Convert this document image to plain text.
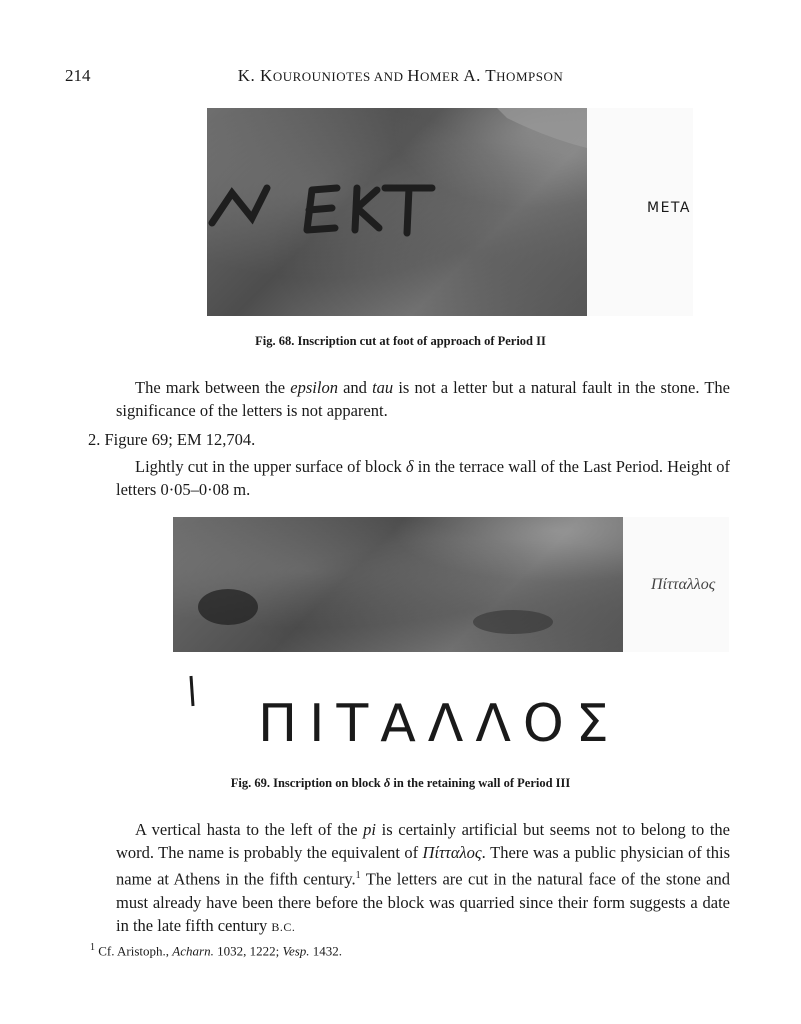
214	K. KOUROUNIOTES AND HOMER A. THOMPSON
META
Fig. 68. Inscription cut at foot of approach of Period II
The mark between the epsilon and tau is not a letter but a natural fault in the stone. The significance of the letters is not apparent.
2. Figure 69; EM 12,704.
Lightly cut in the upper surface of block δ in the terrace wall of the Last Period. Height of letters 0·05–0·08 m.
Πίτταλλος
ΠΙΤΑΛΛΟΣ
Fig. 69. Inscription on block δ in the retaining wall of Period III
A vertical hasta to the left of the pi is certainly artificial but seems not to belong to the word. The name is probably the equivalent of Πίτταλος. There was a public physician of this name at Athens in the fifth century.$^1$ The letters are cut in the natural face of the stone and must already have been there before the block was quarried since their form suggests a date in the late fifth century B.C.
$^1$ Cf. Aristoph., Acharn. 1032, 1222; Vesp. 1432.
